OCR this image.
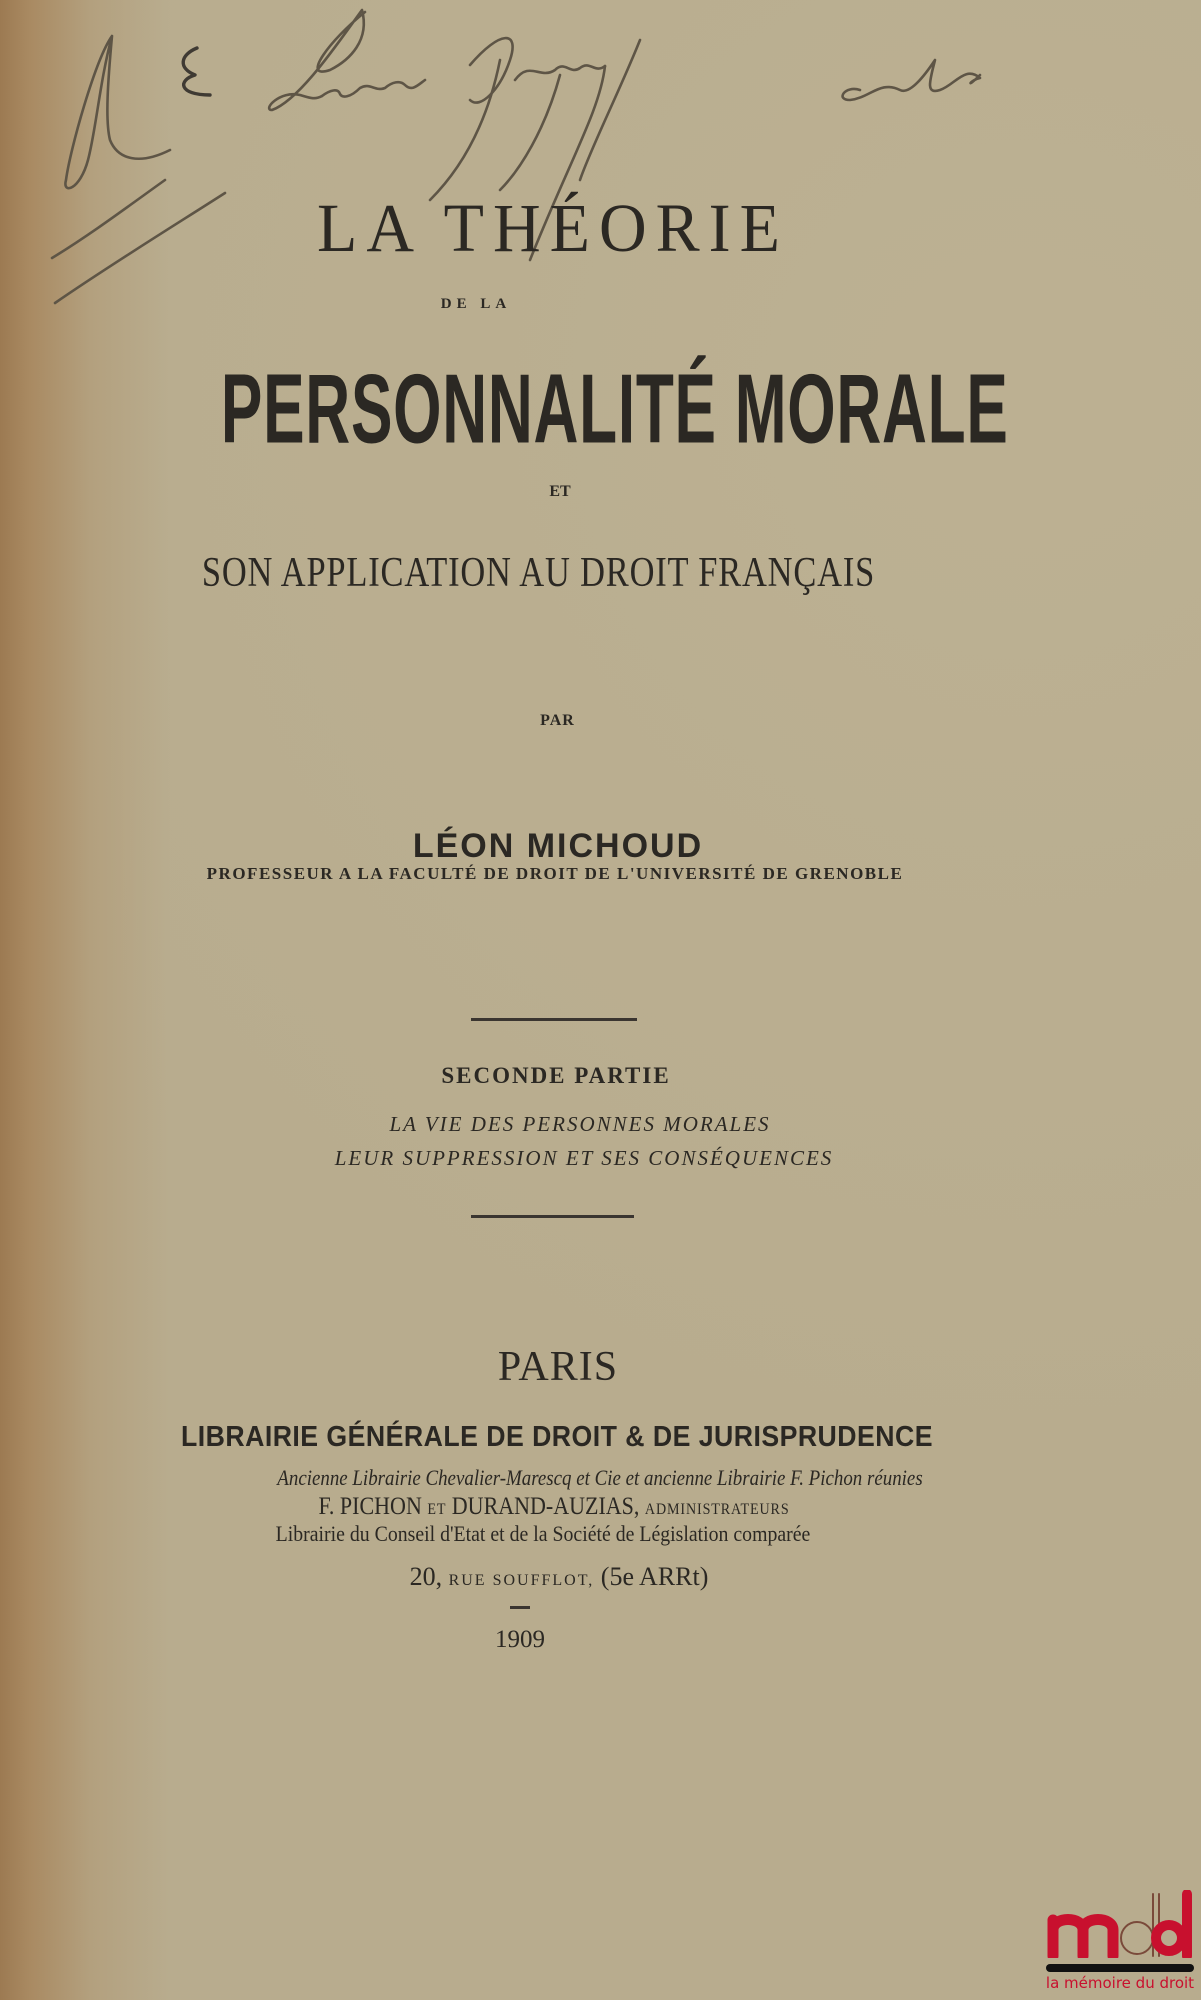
LA THÉORIE
DE LA
PERSONNALITÉ MORALE
ET
SON APPLICATION AU DROIT FRANÇAIS
PAR
LÉON MICHOUD
PROFESSEUR A LA FACULTÉ DE DROIT DE L'UNIVERSITÉ DE GRENOBLE
SECONDE PARTIE
LA VIE DES PERSONNES MORALES
LEUR SUPPRESSION ET SES CONSÉQUENCES
PARIS
LIBRAIRIE GÉNÉRALE DE DROIT & DE JURISPRUDENCE
Ancienne Librairie Chevalier-Marescq et Cie et ancienne Librairie F. Pichon réunies
F. PICHON ET DURAND-AUZIAS, ADMINISTRATEURS
Librairie du Conseil d'Etat et de la Société de Législation comparée
20, RUE SOUFFLOT, (5e ARRt)
1909
la mémoire du droit
